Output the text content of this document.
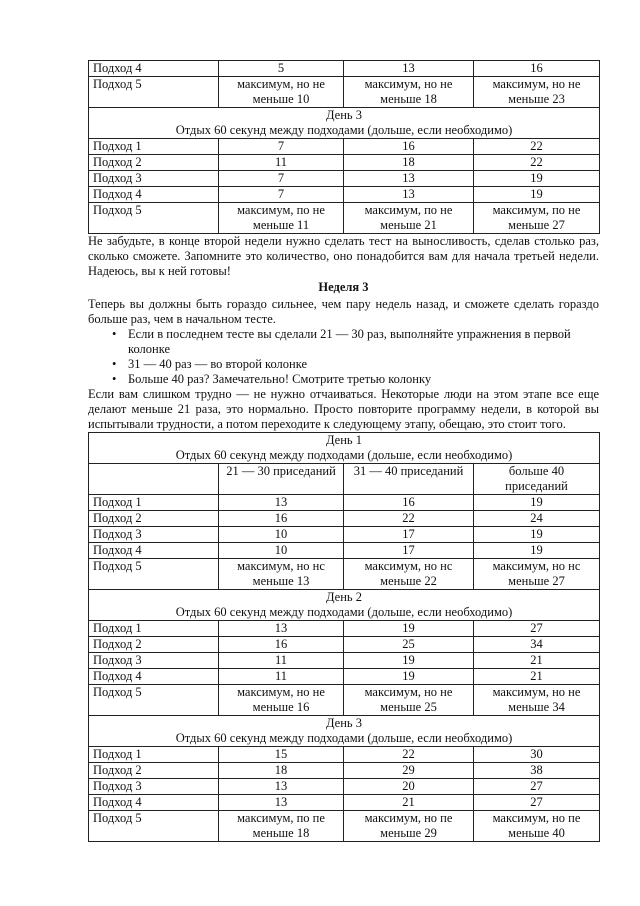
Подход 4	5	13	16
Подход 5	максимум, но не меньше 10	максимум, но не меньше 18	максимум, но не меньше 23

День 3
Отдых 60 секунд между подходами (дольше, если необходимо)			

Подход 1	7	16	22
Подход 2	11	18	22
Подход 3	7	13	19
Подход 4	7	13	19
Подход 5	максимум, по не меньше 11	максимум, по не меньше 21	максимум, по не меньше 27

Не забудьте, в конце второй недели нужно сделать тест на выносливость, сделав столько раз, сколько сможете. Запомните это количество, оно понадобится вам для начала третьей недели. Надеюсь, вы к ней готовы!

Неделя 3

Теперь вы должны быть гораздо сильнее, чем пару недель назад, и сможете сделать гораздо больше раз, чем в начальном тесте.

• Если в последнем тесте вы сделали 21 — 30 раз, выполняйте упражнения в первой колонке
• 31 — 40 раз — во второй колонке
• Больше 40 раз? Замечательно! Смотрите третью колонку

Если вам слишком трудно — не нужно отчаиваться. Некоторые люди на этом этапе все еще делают меньше 21 раза, это нормально. Просто повторите программу недели, в которой вы испытывали трудности, а потом переходите к следующему этапу, обещаю, это стоит того.

День 1
Отдых 60 секунд между подходами (дольше, если необходимо)			

	21 — 30 приседаний	31 — 40 приседаний	больше 40 приседаний
Подход 1	13	16	19
Подход 2	16	22	24
Подход 3	10	17	19
Подход 4	10	17	19
Подход 5	максимум, но нс меньше 13	максимум, но нс меньше 22	максимум, но нс меньше 27

День 2
Отдых 60 секунд между подходами (дольше, если необходимо)			

Подход 1	13	19	27
Подход 2	16	25	34
Подход 3	11	19	21
Подход 4	11	19	21
Подход 5	максимум, но не меньше 16	максимум, но не меньше 25	максимум, но не меньше 34

День 3
Отдых 60 секунд между подходами (дольше, если необходимо)			

Подход 1	15	22	30
Подход 2	18	29	38
Подход 3	13	20	27
Подход 4	13	21	27
Подход 5	максимум, по пе меньше 18	максимум, но пе меньше 29	максимум, но пе меньше 40
